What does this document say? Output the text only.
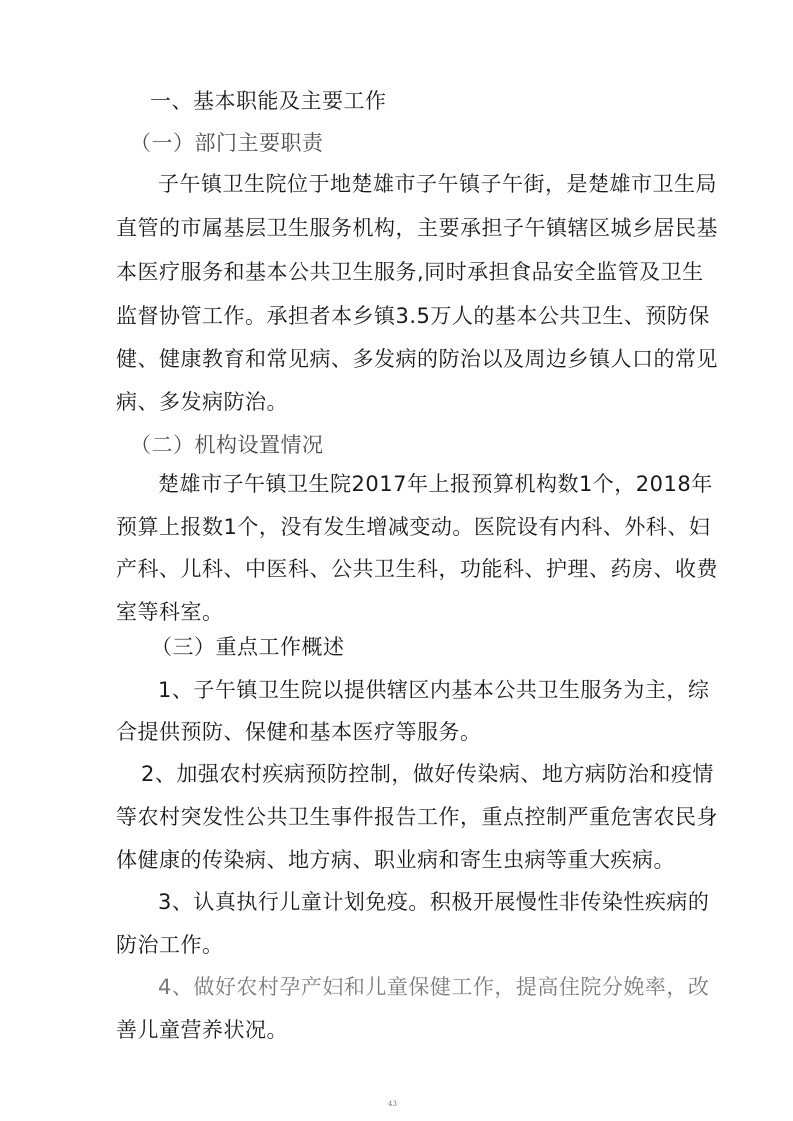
一、基本职能及主要工作
（一）部门主要职责
子午镇卫生院位于地楚雄市子午镇子午街，是楚雄市卫生局
直管的市属基层卫生服务机构，主要承担子午镇辖区城乡居民基
本医疗服务和基本公共卫生服务,同时承担食品安全监管及卫生
监督协管工作。承担者本乡镇3.5万人的基本公共卫生、预防保
健、健康教育和常见病、多发病的防治以及周边乡镇人口的常见
病、多发病防治。
（二）机构设置情况
楚雄市子午镇卫生院2017年上报预算机构数1个，2018年
预算上报数1个，没有发生增减变动。医院设有内科、外科、妇
产科、儿科、中医科、公共卫生科，功能科、护理、药房、收费
室等科室。
（三）重点工作概述
1、子午镇卫生院以提供辖区内基本公共卫生服务为主，综
合提供预防、保健和基本医疗等服务。
2、加强农村疾病预防控制，做好传染病、地方病防治和疫情
等农村突发性公共卫生事件报告工作，重点控制严重危害农民身
体健康的传染病、地方病、职业病和寄生虫病等重大疾病。
3、认真执行儿童计划免疫。积极开展慢性非传染性疾病的
防治工作。
4、做好农村孕产妇和儿童保健工作，提高住院分娩率，改
善儿童营养状况。
43
